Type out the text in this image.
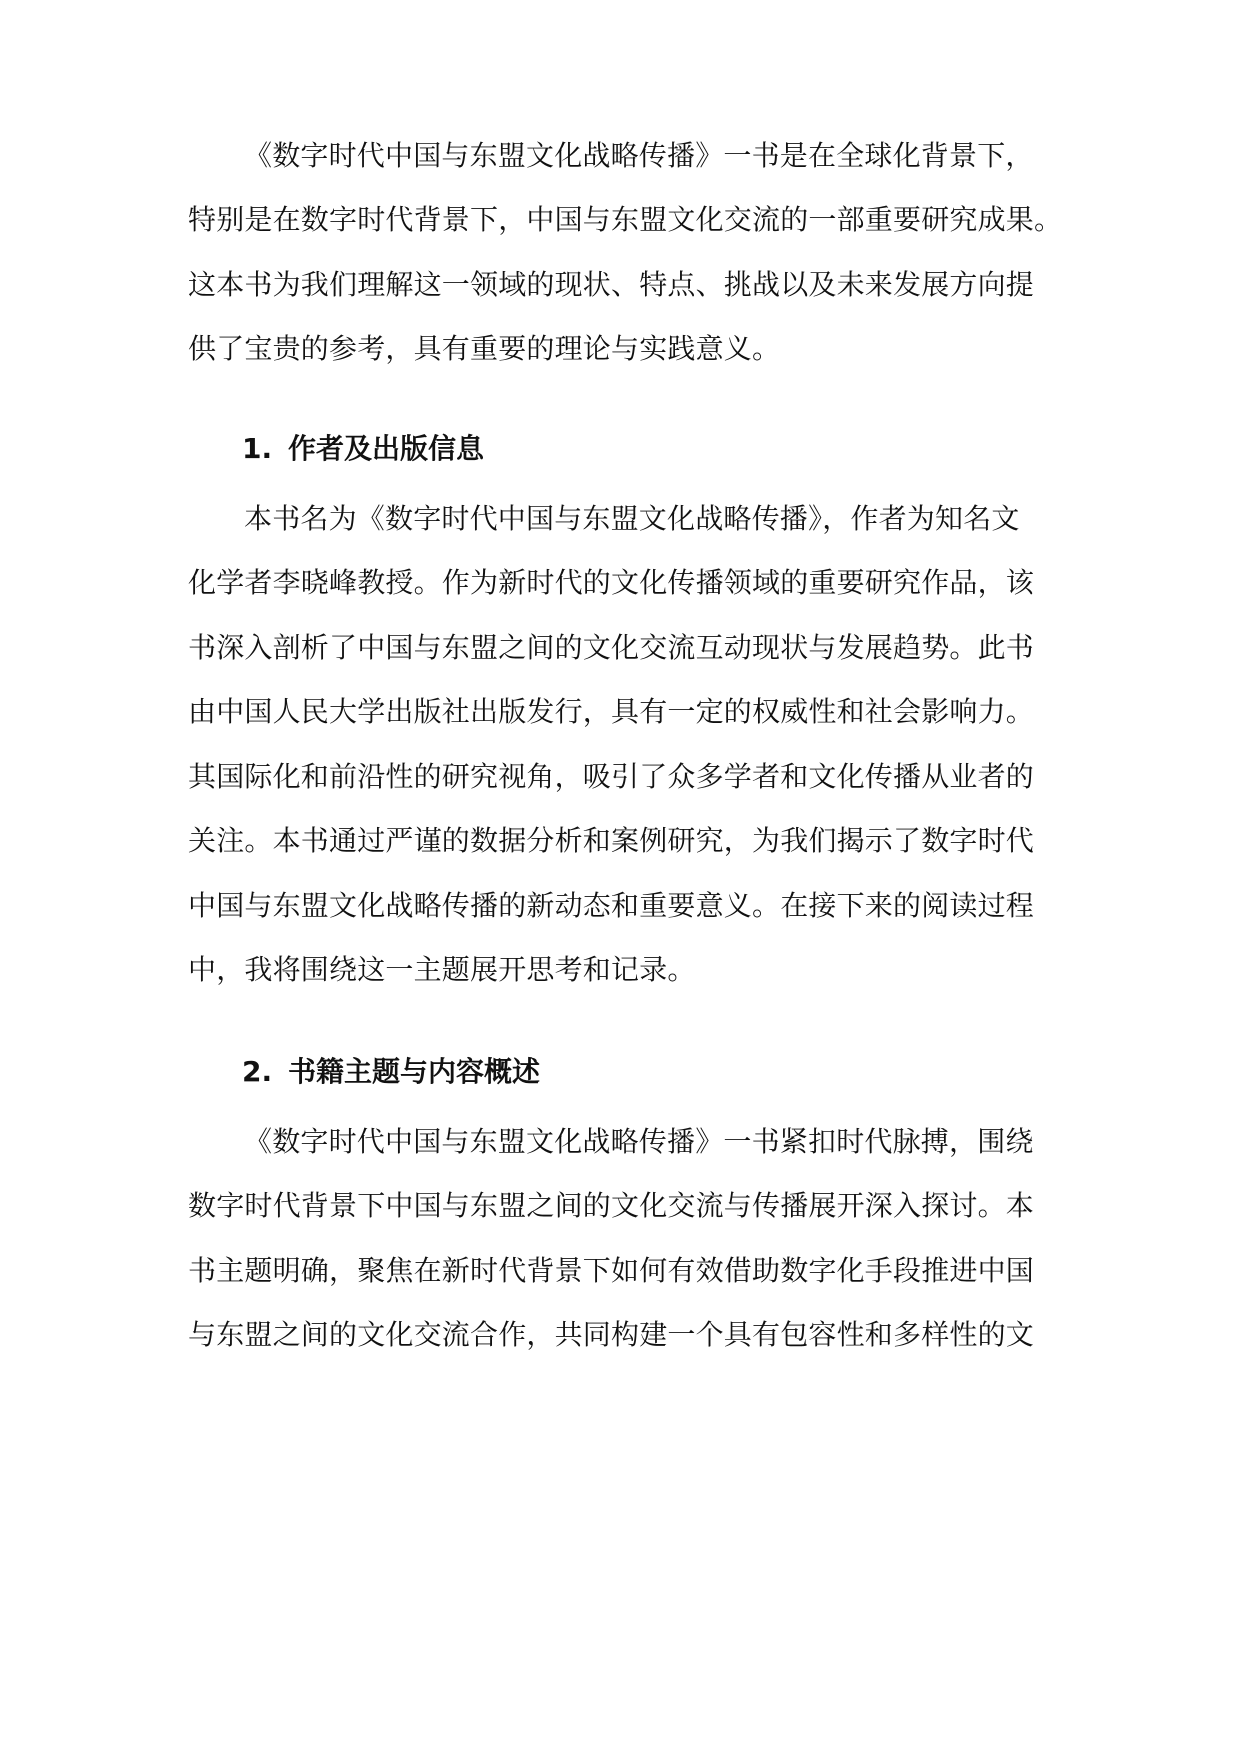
《数字时代中国与东盟文化战略传播》一书是在全球化背景下，
特别是在数字时代背景下，中国与东盟文化交流的一部重要研究成果。
这本书为我们理解这一领域的现状、特点、挑战以及未来发展方向提
供了宝贵的参考，具有重要的理论与实践意义。
1. 作者及出版信息
本书名为《数字时代中国与东盟文化战略传播》，作者为知名文
化学者李晓峰教授。作为新时代的文化传播领域的重要研究作品，该
书深入剖析了中国与东盟之间的文化交流互动现状与发展趋势。此书
由中国人民大学出版社出版发行，具有一定的权威性和社会影响力。
其国际化和前沿性的研究视角，吸引了众多学者和文化传播从业者的
关注。本书通过严谨的数据分析和案例研究，为我们揭示了数字时代
中国与东盟文化战略传播的新动态和重要意义。在接下来的阅读过程
中，我将围绕这一主题展开思考和记录。
2. 书籍主题与内容概述
《数字时代中国与东盟文化战略传播》一书紧扣时代脉搏，围绕
数字时代背景下中国与东盟之间的文化交流与传播展开深入探讨。本
书主题明确，聚焦在新时代背景下如何有效借助数字化手段推进中国
与东盟之间的文化交流合作，共同构建一个具有包容性和多样性的文
